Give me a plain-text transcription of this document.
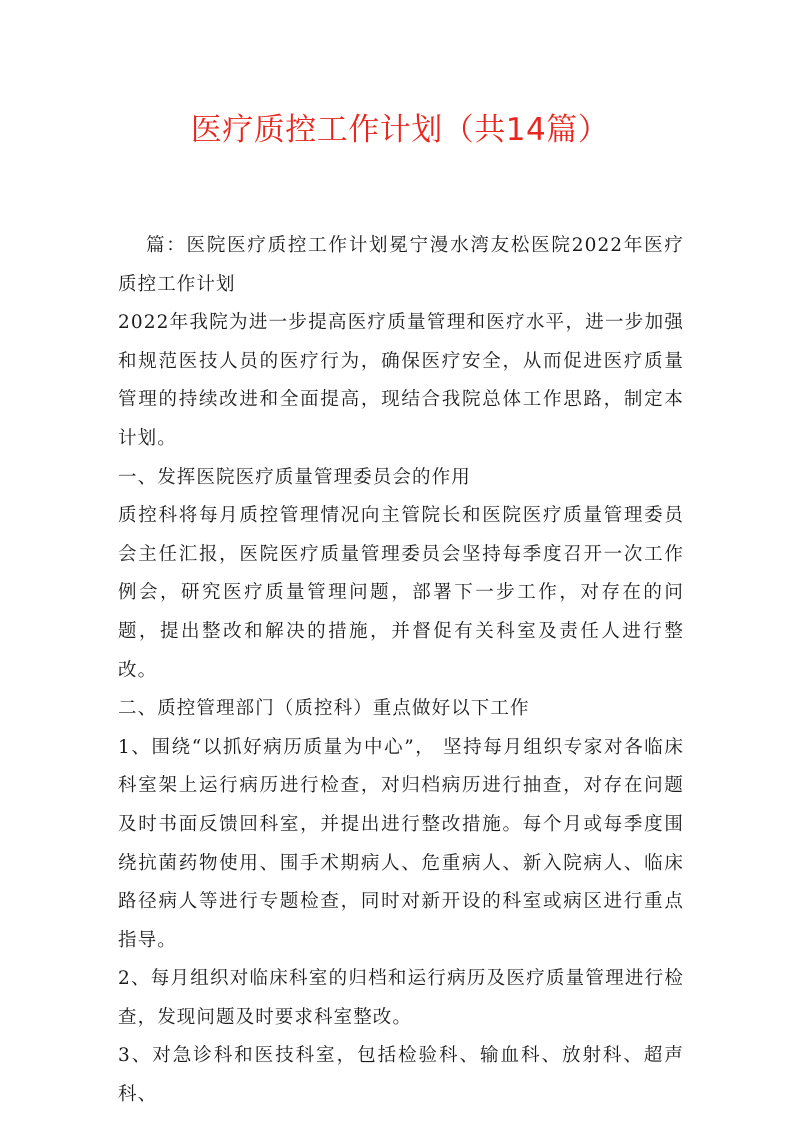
医疗质控工作计划（共14篇）

篇：医院医疗质控工作计划冕宁漫水湾友松医院2022年医疗质控工作计划

2022年我院为进一步提高医疗质量管理和医疗水平，进一步加强和规范医技人员的医疗行为，确保医疗安全，从而促进医疗质量管理的持续改进和全面提高，现结合我院总体工作思路，制定本计划。

一、发挥医院医疗质量管理委员会的作用

质控科将每月质控管理情况向主管院长和医院医疗质量管理委员会主任汇报，医院医疗质量管理委员会坚持每季度召开一次工作例会，研究医疗质量管理问题，部署下一步工作，对存在的问题，提出整改和解决的措施，并督促有关科室及责任人进行整改。

二、质控管理部门（质控科）重点做好以下工作

1、围绕“以抓好病历质量为中心”， 坚持每月组织专家对各临床科室架上运行病历进行检查，对归档病历进行抽查，对存在问题及时书面反馈回科室，并提出进行整改措施。每个月或每季度围绕抗菌药物使用、围手术期病人、危重病人、新入院病人、临床路径病人等进行专题检查，同时对新开设的科室或病区进行重点指导。

2、每月组织对临床科室的归档和运行病历及医疗质量管理进行检查，发现问题及时要求科室整改。

3、对急诊科和医技科室，包括检验科、输血科、放射科、超声科、
